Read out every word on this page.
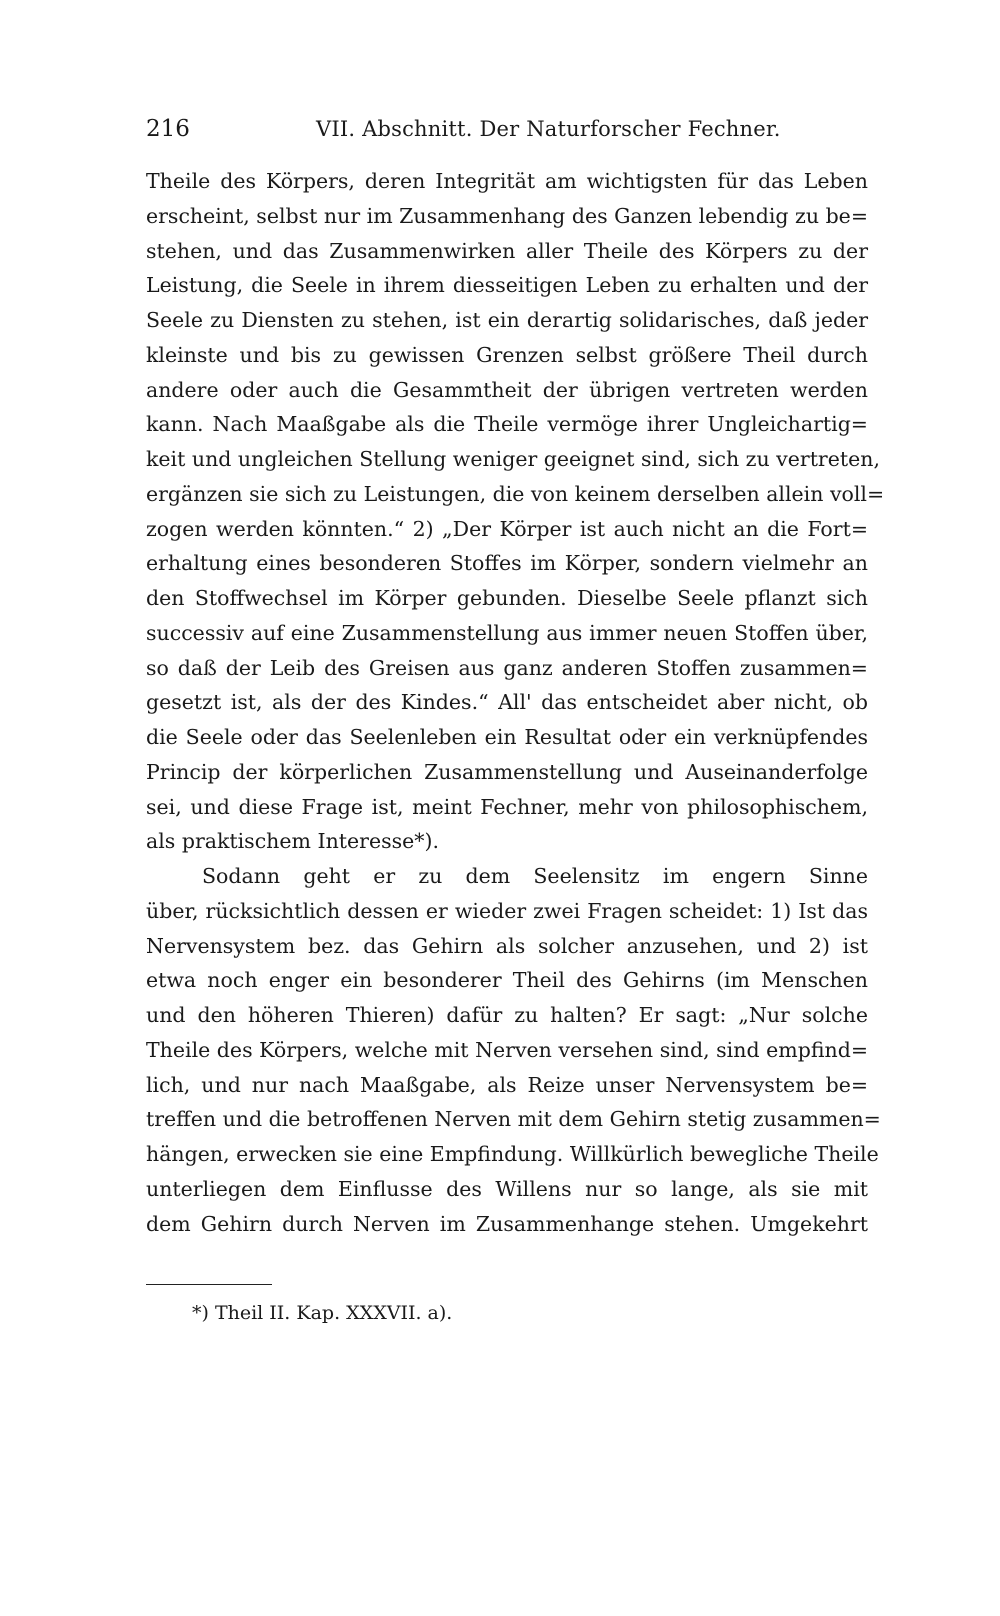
216	VII. Abschnitt. Der Naturforscher Fechner.
Theile des Körpers, deren Integrität am wichtigsten für das Leben
erscheint, selbst nur im Zusammenhang des Ganzen lebendig zu be=
stehen, und das Zusammenwirken aller Theile des Körpers zu der
Leistung, die Seele in ihrem diesseitigen Leben zu erhalten und der
Seele zu Diensten zu stehen, ist ein derartig solidarisches, daß jeder
kleinste und bis zu gewissen Grenzen selbst größere Theil durch
andere oder auch die Gesammtheit der übrigen vertreten werden
kann. Nach Maaßgabe als die Theile vermöge ihrer Ungleichartig=
keit und ungleichen Stellung weniger geeignet sind, sich zu vertreten,
ergänzen sie sich zu Leistungen, die von keinem derselben allein voll=
zogen werden könnten.“ 2) „Der Körper ist auch nicht an die Fort=
erhaltung eines besonderen Stoffes im Körper, sondern vielmehr an
den Stoffwechsel im Körper gebunden. Dieselbe Seele pflanzt sich
successiv auf eine Zusammenstellung aus immer neuen Stoffen über,
so daß der Leib des Greisen aus ganz anderen Stoffen zusammen=
gesetzt ist, als der des Kindes.“ All' das entscheidet aber nicht, ob
die Seele oder das Seelenleben ein Resultat oder ein verknüpfendes
Princip der körperlichen Zusammenstellung und Auseinanderfolge
sei, und diese Frage ist, meint Fechner, mehr von philosophischem,
als praktischem Interesse*).
Sodann geht er zu dem Seelensitz im engern Sinne
über, rücksichtlich dessen er wieder zwei Fragen scheidet: 1) Ist das
Nervensystem bez. das Gehirn als solcher anzusehen, und 2) ist
etwa noch enger ein besonderer Theil des Gehirns (im Menschen
und den höheren Thieren) dafür zu halten? Er sagt: „Nur solche
Theile des Körpers, welche mit Nerven versehen sind, sind empfind=
lich, und nur nach Maaßgabe, als Reize unser Nervensystem be=
treffen und die betroffenen Nerven mit dem Gehirn stetig zusammen=
hängen, erwecken sie eine Empfindung. Willkürlich bewegliche Theile
unterliegen dem Einflusse des Willens nur so lange, als sie mit
dem Gehirn durch Nerven im Zusammenhange stehen. Umgekehrt
*) Theil II. Kap. XXXVII. a).
